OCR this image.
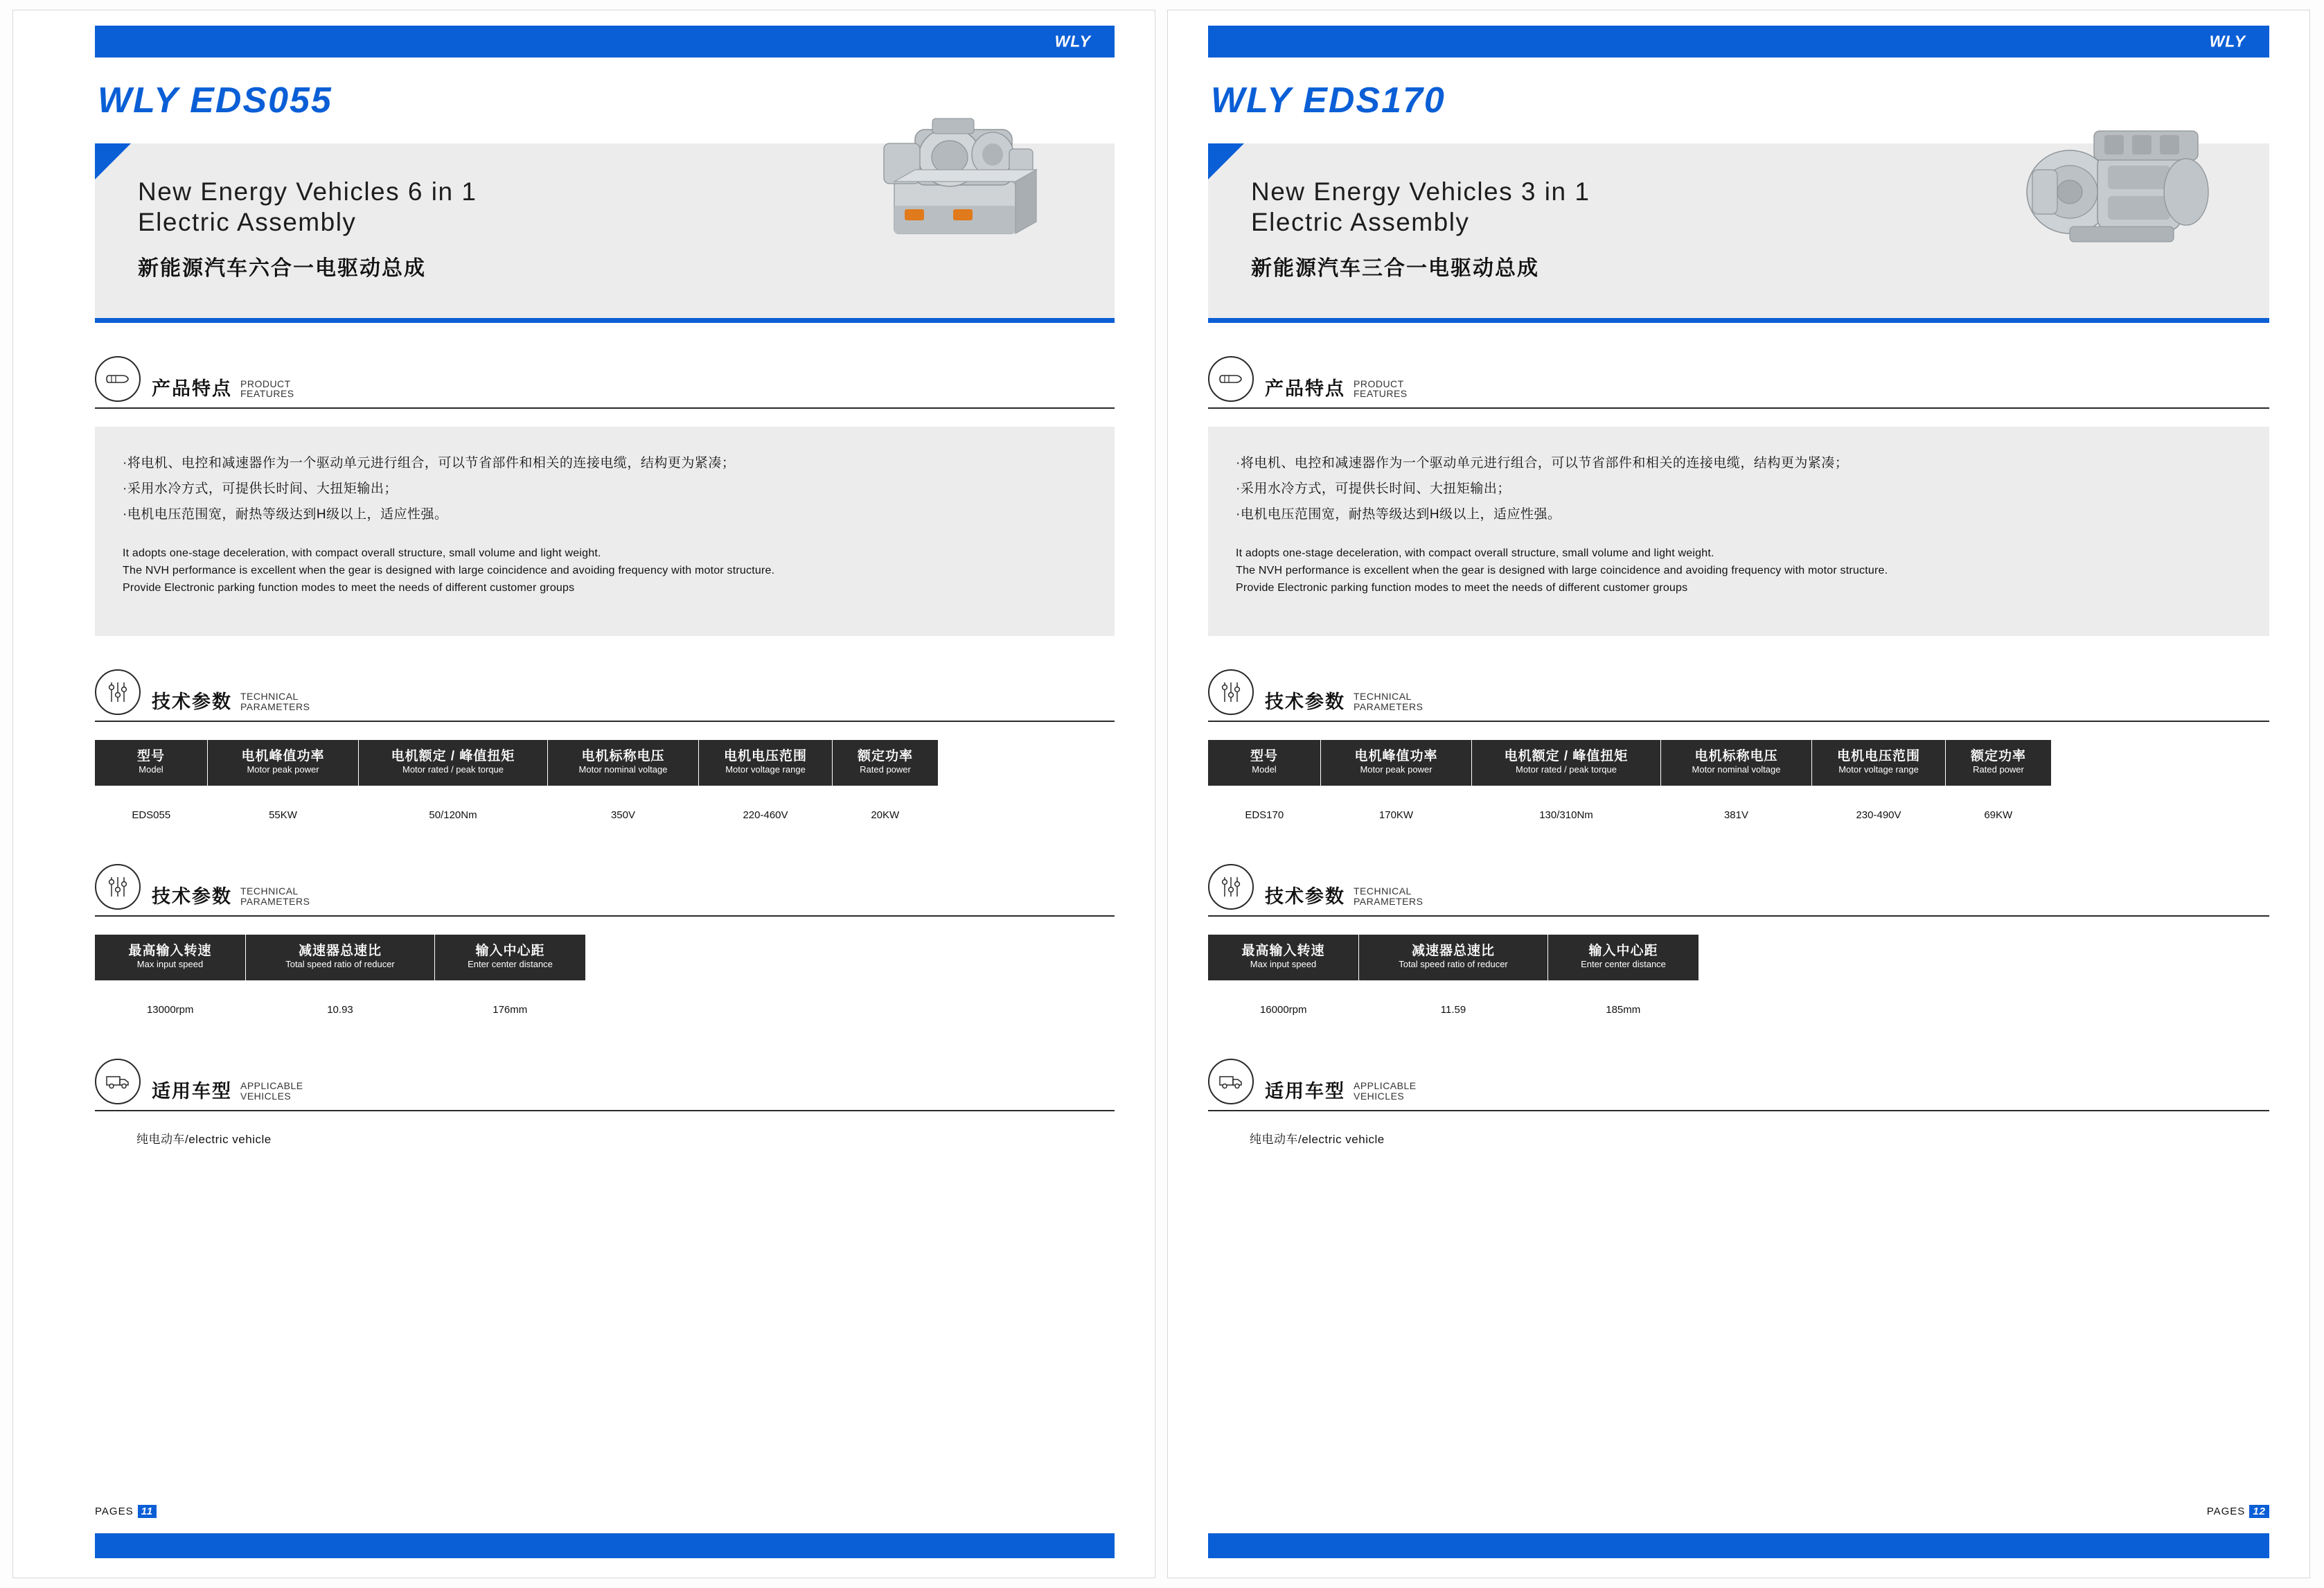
WLY
WLY EDS055
New Energy Vehicles 6 in 1
Electric Assembly
新能源汽车六合一电驱动总成
产品特点 PRODUCT
FEATURES
·将电机、电控和减速器作为一个驱动单元进行组合，可以节省部件和相关的连接电缆，结构更为紧凑；
·采用水冷方式，可提供长时间、大扭矩输出；
·电机电压范围宽，耐热等级达到H级以上，适应性强。
It adopts one-stage deceleration, with compact overall structure, small volume and light weight.
The NVH performance is excellent when the gear is designed with large coincidence and avoiding frequency with motor structure.
Provide Electronic parking function modes to meet the needs of different customer groups
技术参数 TECHNICAL
PARAMETERS
型号
Model	电机峰值功率
Motor peak power	电机额定 / 峰值扭矩
Motor rated / peak torque	电机标称电压
Motor nominal voltage	电机电压范围
Motor voltage range	额定功率
Rated power

EDS055	55KW	50/120Nm	350V	220-460V	20KW
技术参数 TECHNICAL
PARAMETERS
最高输入转速
Max input speed	减速器总速比
Total speed ratio of reducer	输入中心距
Enter center distance

13000rpm	10.93	176mm
适用车型 APPLICABLE
VEHICLES
纯电动车/electric vehicle
PAGES 11
WLY
WLY EDS170
New Energy Vehicles 3 in 1
Electric Assembly
新能源汽车三合一电驱动总成
产品特点 PRODUCT
FEATURES
·将电机、电控和减速器作为一个驱动单元进行组合，可以节省部件和相关的连接电缆，结构更为紧凑；
·采用水冷方式，可提供长时间、大扭矩输出；
·电机电压范围宽，耐热等级达到H级以上，适应性强。
It adopts one-stage deceleration, with compact overall structure, small volume and light weight.
The NVH performance is excellent when the gear is designed with large coincidence and avoiding frequency with motor structure.
Provide Electronic parking function modes to meet the needs of different customer groups
技术参数 TECHNICAL
PARAMETERS
型号
Model	电机峰值功率
Motor peak power	电机额定 / 峰值扭矩
Motor rated / peak torque	电机标称电压
Motor nominal voltage	电机电压范围
Motor voltage range	额定功率
Rated power

EDS170	170KW	130/310Nm	381V	230-490V	69KW
技术参数 TECHNICAL
PARAMETERS
最高输入转速
Max input speed	减速器总速比
Total speed ratio of reducer	输入中心距
Enter center distance

16000rpm	11.59	185mm
适用车型 APPLICABLE
VEHICLES
纯电动车/electric vehicle
PAGES 12
